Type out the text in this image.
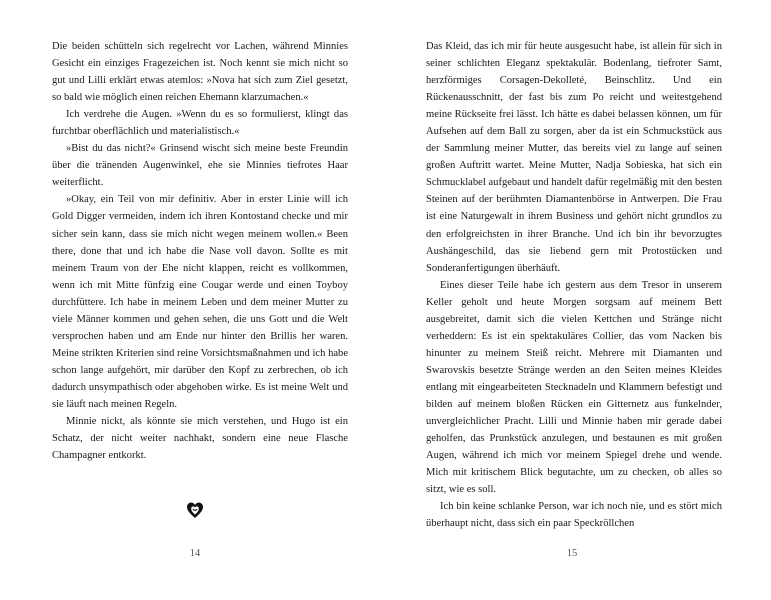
Die beiden schütteln sich regelrecht vor Lachen, während Minnies Gesicht ein einziges Fragezeichen ist. Noch kennt sie mich nicht so gut und Lilli erklärt etwas atemlos: »Nova hat sich zum Ziel gesetzt, so bald wie möglich einen reichen Ehemann klarzumachen.«

Ich verdrehe die Augen. »Wenn du es so formulierst, klingt das furchtbar oberflächlich und materialistisch.«

»Bist du das nicht?« Grinsend wischt sich meine beste Freundin über die tränenden Augenwinkel, ehe sie Minnies tiefrotes Haar weiterflicht.

»Okay, ein Teil von mir definitiv. Aber in erster Linie will ich Gold Digger vermeiden, indem ich ihren Kontostand checke und mir sicher sein kann, dass sie mich nicht wegen meinem wollen.« Been there, done that und ich habe die Nase voll davon. Sollte es mit meinem Traum von der Ehe nicht klappen, reicht es vollkommen, wenn ich mit Mitte fünfzig eine Cougar werde und einen Toyboy durchfüttere. Ich habe in meinem Leben und dem meiner Mutter zu viele Männer kommen und gehen sehen, die uns Gott und die Welt versprochen haben und am Ende nur hinter den Brillis her waren. Meine strikten Kriterien sind reine Vorsichtsmaßnahmen und ich habe schon lange aufgehört, mir darüber den Kopf zu zerbrechen, ob ich dadurch unsympathisch oder abgehoben wirke. Es ist meine Welt und sie läuft nach meinen Regeln.

Minnie nickt, als könnte sie mich verstehen, und Hugo ist ein Schatz, der nicht weiter nachhakt, sondern eine neue Flasche Champagner entkorkt.

14

Das Kleid, das ich mir für heute ausgesucht habe, ist allein für sich in seiner schlichten Eleganz spektakulär. Bodenlang, tiefroter Samt, herzförmiges Corsagen-Dekolleté, Beinschlitz. Und ein Rückenausschnitt, der fast bis zum Po reicht und weitestgehend meine Rückseite frei lässt. Ich hätte es dabei belassen können, um für Aufsehen auf dem Ball zu sorgen, aber da ist ein Schmuckstück aus der Sammlung meiner Mutter, das bereits viel zu lange auf seinen großen Auftritt wartet. Meine Mutter, Nadja Sobieska, hat sich ein Schmucklabel aufgebaut und handelt dafür regelmäßig mit den besten Steinen auf der berühmten Diamantenbörse in Antwerpen. Die Frau ist eine Naturgewalt in ihrem Business und gehört nicht grundlos zu den erfolgreichsten in ihrer Branche. Und ich bin ihr bevorzugtes Aushängeschild, das sie liebend gern mit Protostücken und Sonderanfertigungen überhäuft.

Eines dieser Teile habe ich gestern aus dem Tresor in unserem Keller geholt und heute Morgen sorgsam auf meinem Bett ausgebreitet, damit sich die vielen Kettchen und Stränge nicht verheddern: Es ist ein spektakuläres Collier, das vom Nacken bis hinunter zu meinem Steiß reicht. Mehrere mit Diamanten und Swarovskis besetzte Stränge werden an den Seiten meines Kleides entlang mit eingearbeiteten Stecknadeln und Klammern befestigt und bilden auf meinem bloßen Rücken ein Gitternetz aus funkelnder, unvergleichlicher Pracht. Lilli und Minnie haben mir gerade dabei geholfen, das Prunkstück anzulegen, und bestaunen es mit großen Augen, während ich mich vor meinem Spiegel drehe und wende. Mich mit kritischem Blick begutachte, um zu checken, ob alles so sitzt, wie es soll.

Ich bin keine schlanke Person, war ich noch nie, und es stört mich überhaupt nicht, dass sich ein paar Speckröllchen

15
